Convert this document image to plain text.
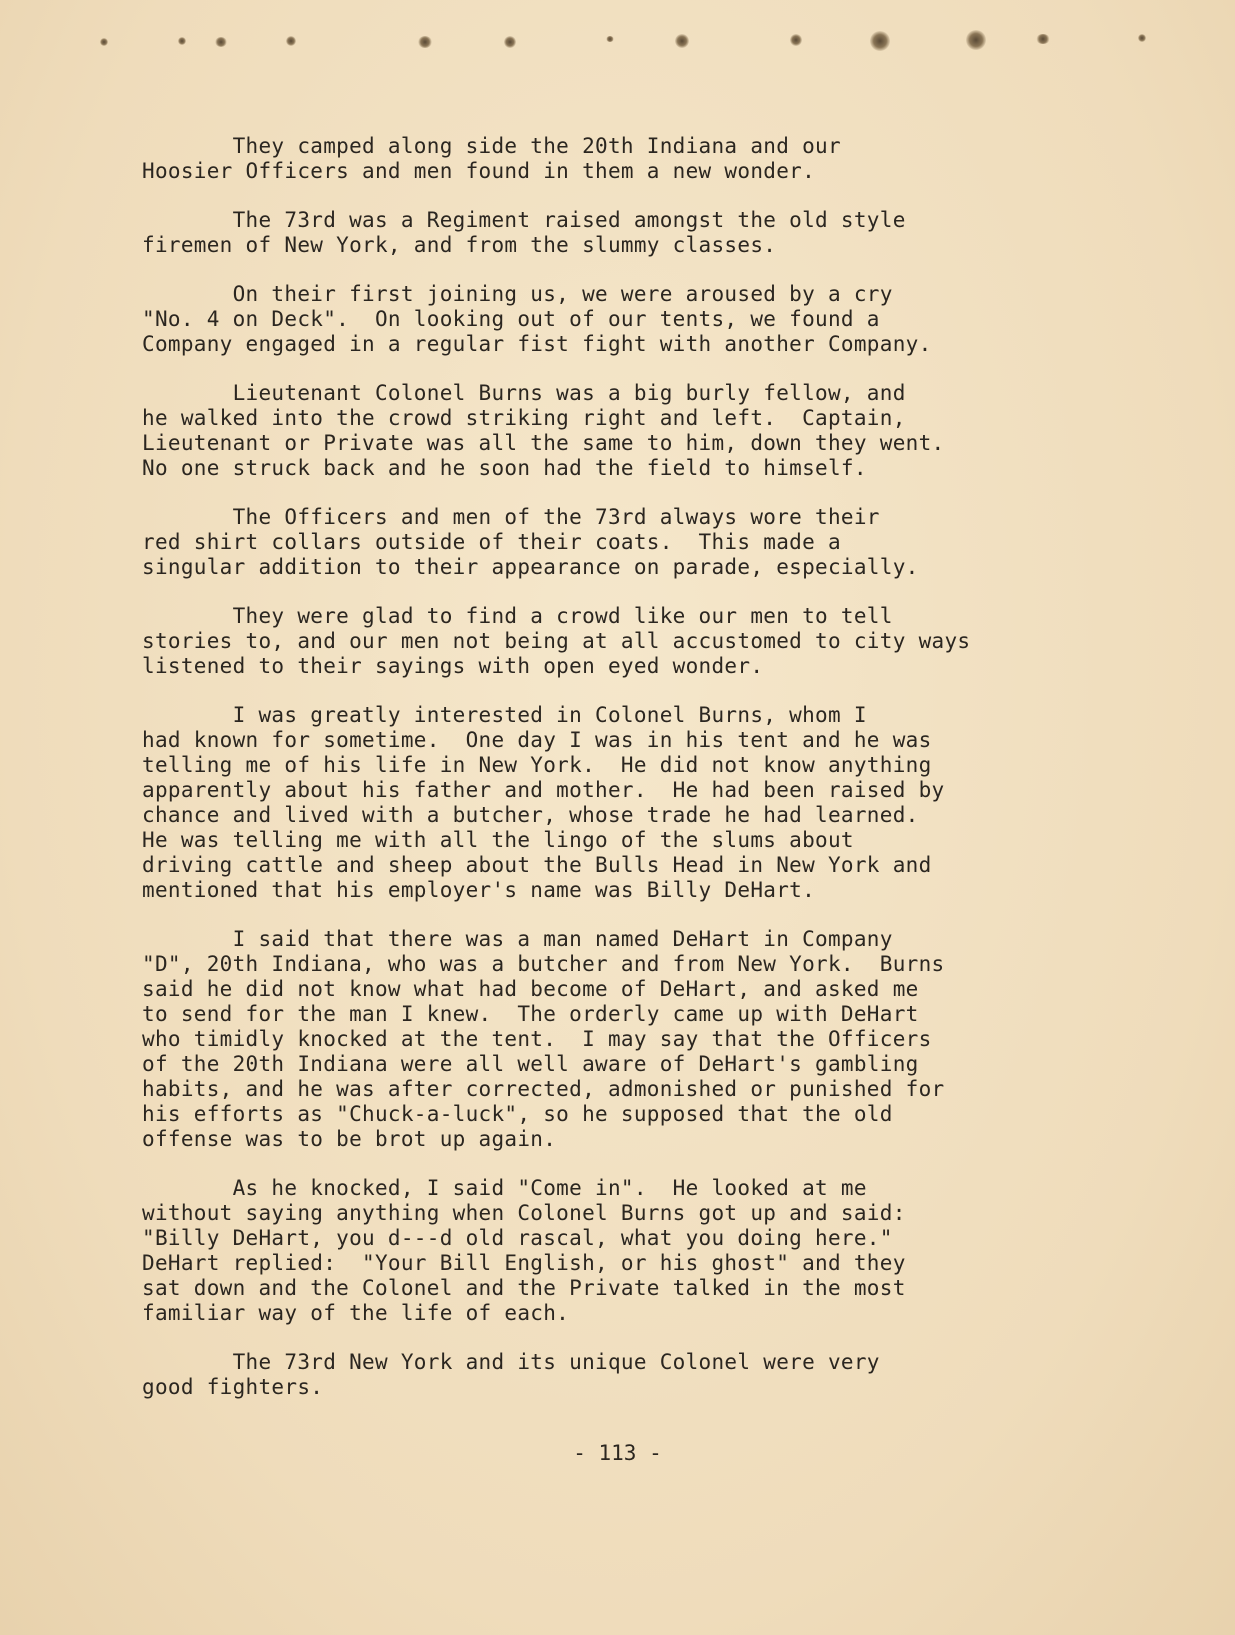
They camped along side the 20th Indiana and our
Hoosier Officers and men found in them a new wonder.
The 73rd was a Regiment raised amongst the old style
firemen of New York, and from the slummy classes.
On their first joining us, we were aroused by a cry
"No. 4 on Deck".  On looking out of our tents, we found a
Company engaged in a regular fist fight with another Company.
Lieutenant Colonel Burns was a big burly fellow, and
he walked into the crowd striking right and left.  Captain,
Lieutenant or Private was all the same to him, down they went.
No one struck back and he soon had the field to himself.
The Officers and men of the 73rd always wore their
red shirt collars outside of their coats.  This made a
singular addition to their appearance on parade, especially.
They were glad to find a crowd like our men to tell
stories to, and our men not being at all accustomed to city ways
listened to their sayings with open eyed wonder.
I was greatly interested in Colonel Burns, whom I
had known for sometime.  One day I was in his tent and he was
telling me of his life in New York.  He did not know anything
apparently about his father and mother.  He had been raised by
chance and lived with a butcher, whose trade he had learned.
He was telling me with all the lingo of the slums about
driving cattle and sheep about the Bulls Head in New York and
mentioned that his employer's name was Billy DeHart.
I said that there was a man named DeHart in Company
"D", 20th Indiana, who was a butcher and from New York.  Burns
said he did not know what had become of DeHart, and asked me
to send for the man I knew.  The orderly came up with DeHart
who timidly knocked at the tent.  I may say that the Officers
of the 20th Indiana were all well aware of DeHart's gambling
habits, and he was after corrected, admonished or punished for
his efforts as "Chuck-a-luck", so he supposed that the old
offense was to be brot up again.
As he knocked, I said "Come in".  He looked at me
without saying anything when Colonel Burns got up and said:
"Billy DeHart, you d---d old rascal, what you doing here."
DeHart replied:  "Your Bill English, or his ghost" and they
sat down and the Colonel and the Private talked in the most
familiar way of the life of each.
The 73rd New York and its unique Colonel were very
good fighters.
- 113 -
